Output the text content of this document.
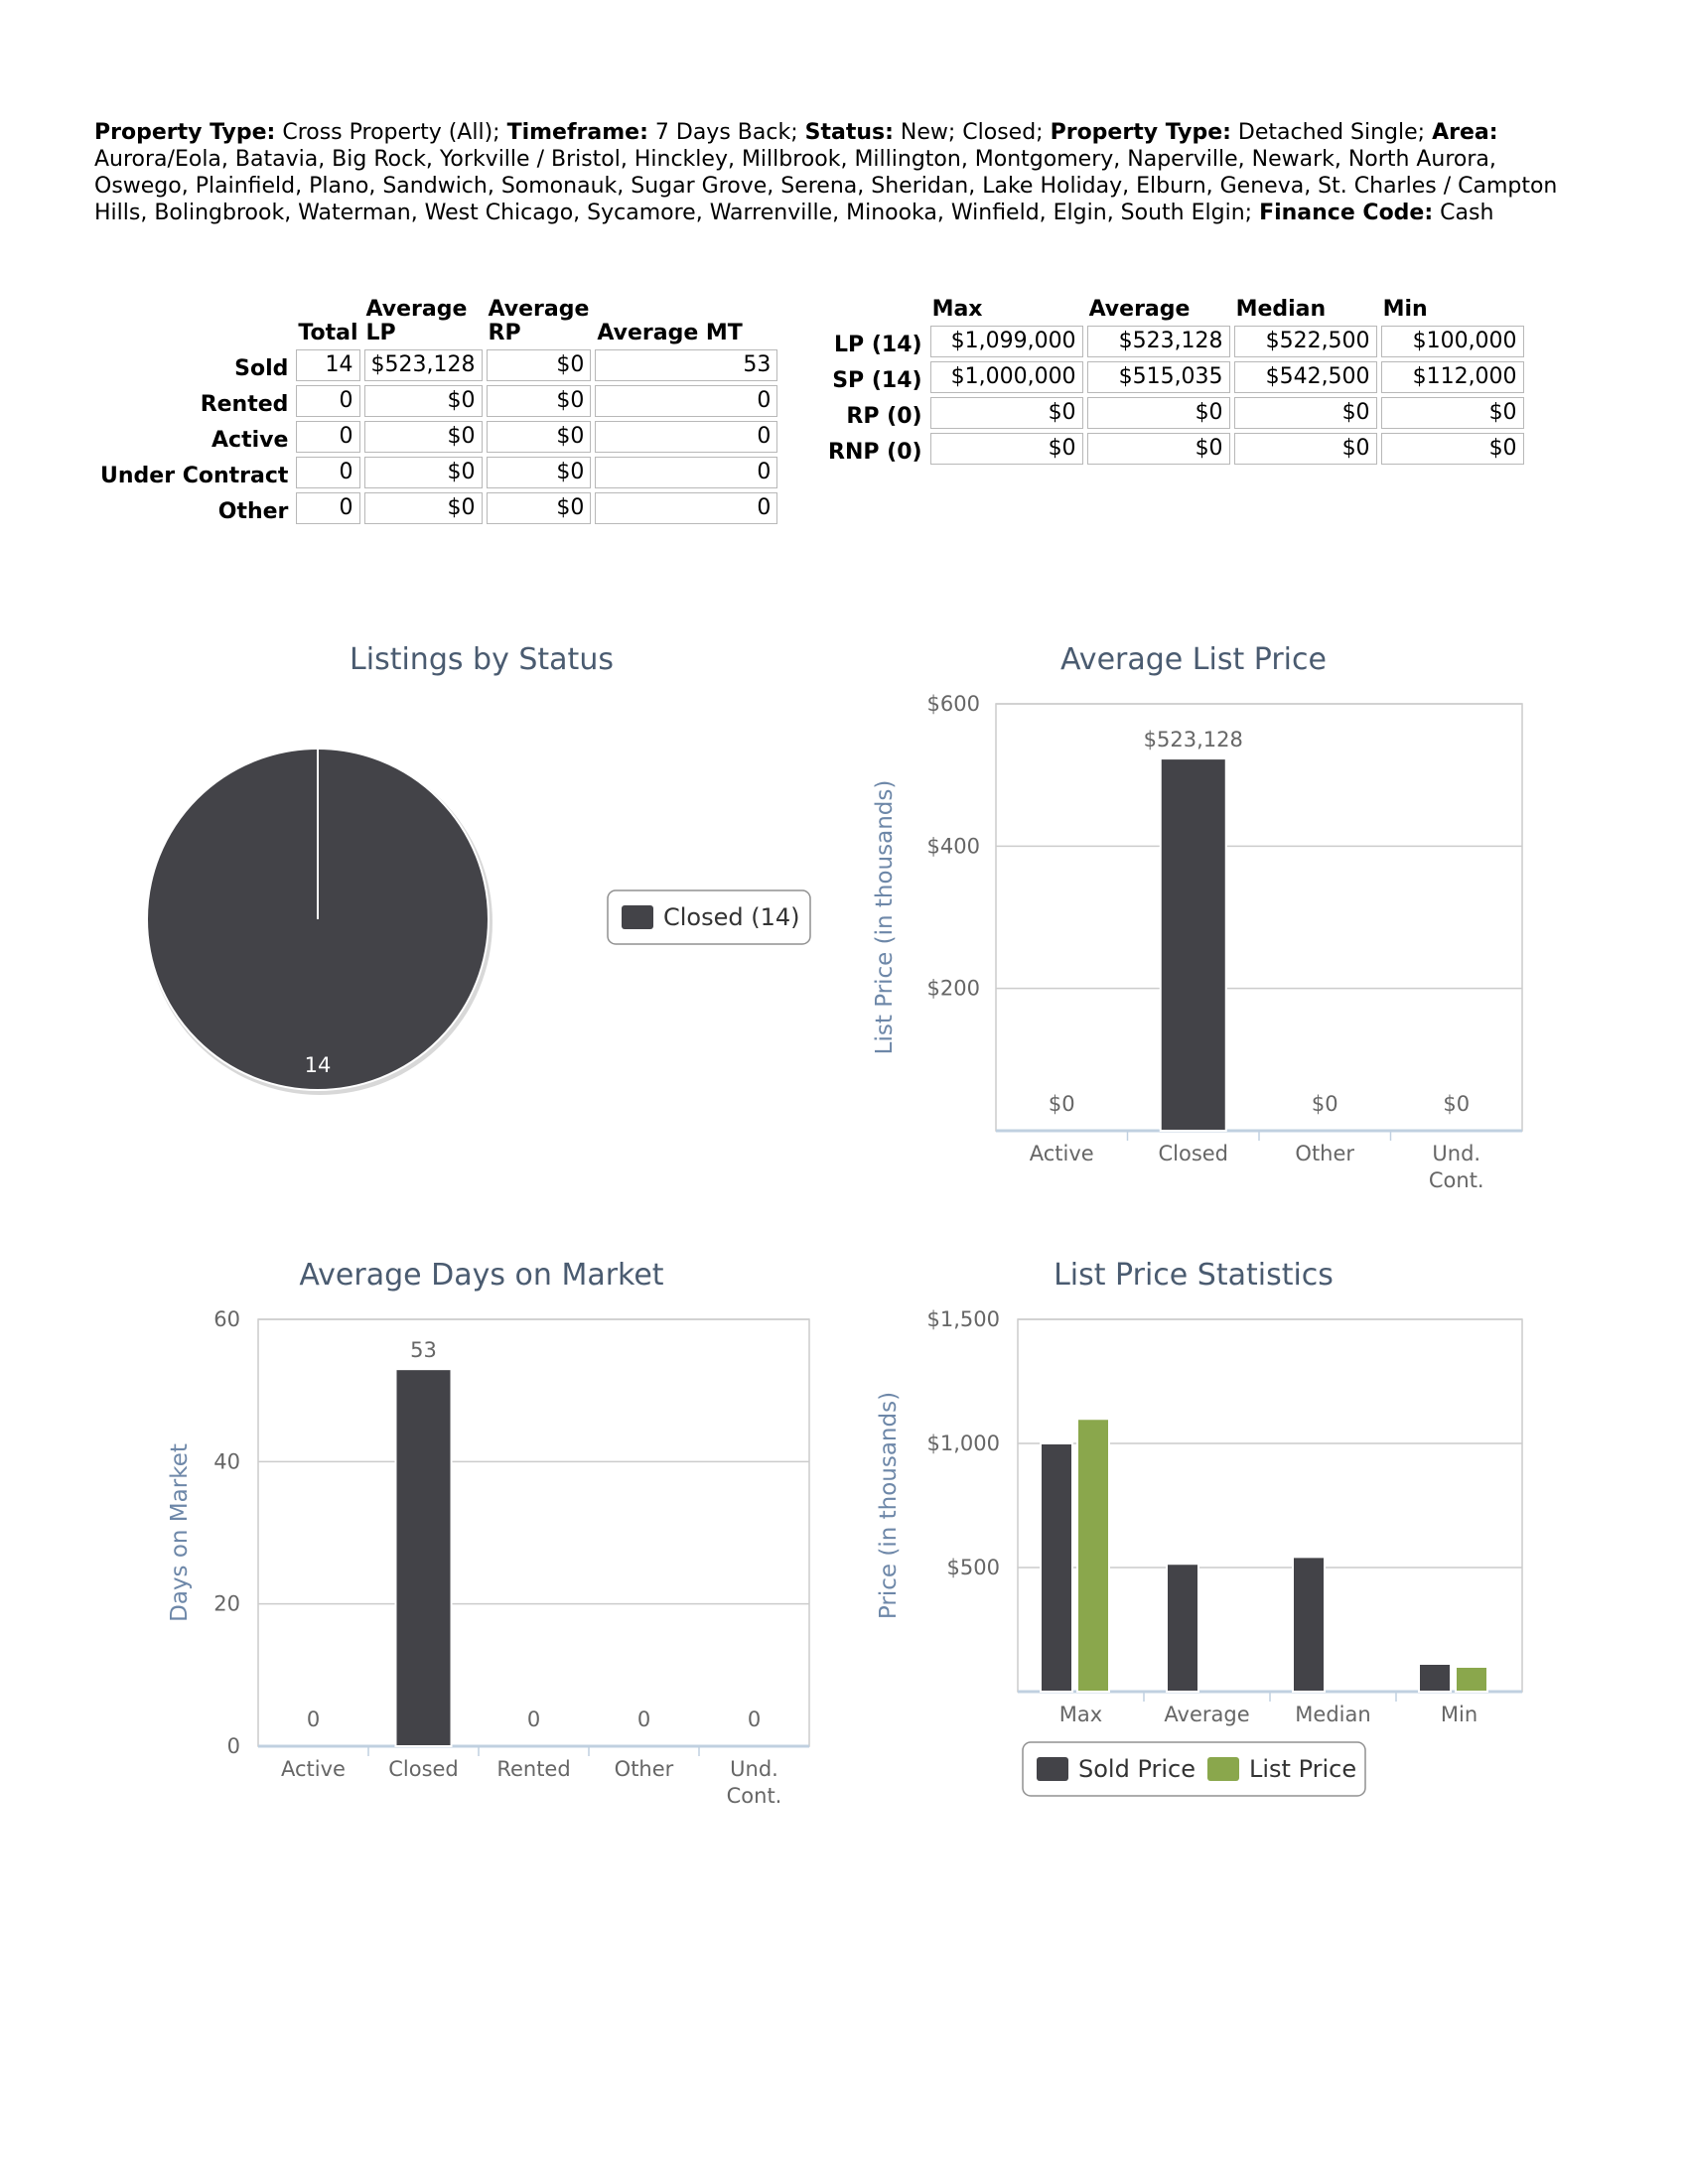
Property Type: Cross Property (All); Timeframe: 7 Days Back; Status: New; Closed; Property Type: Detached Single; Area: Aurora/Eola, Batavia, Big Rock, Yorkville / Bristol, Hinckley, Millbrook, Millington, Montgomery, Naperville, Newark, North Aurora, Oswego, Plainfield, Plano, Sandwich, Somonauk, Sugar Grove, Serena, Sheridan, Lake Holiday, Elburn, Geneva, St. Charles / Campton Hills, Bolingbrook, Waterman, West Chicago, Sycamore, Warrenville, Minooka, Winfield, Elgin, South Elgin; Finance Code: Cash
	Total	Average LP	Average RP	Average MT
Sold	14	$523,128	$0	53
Rented	0	$0	$0	0
Active	0	$0	$0	0
Under Contract	0	$0	$0	0
Other	0	$0	$0	0
	Max	Average	Median	Min
LP (14)	$1,099,000	$523,128	$522,500	$100,000
SP (14)	$1,000,000	$515,035	$542,500	$112,000
RP (0)	$0	$0	$0	$0
RNP (0)	$0	$0	$0	$0
Listings by Status
14
Closed (14)
Average List Price
$200
$400
$600
List Price (in thousands)
Active
$0
Closed
$523,128
Other
$0
Und. Cont.
$0
Average Days on Market
0
20
40
60
Days on Market
Active
0
Closed
53
Rented
0
Other
0
Und. Cont.
0
List Price Statistics
$500
$1,000
$1,500
Price (in thousands)
Max	Average Median	Min
Sold Price List Price
